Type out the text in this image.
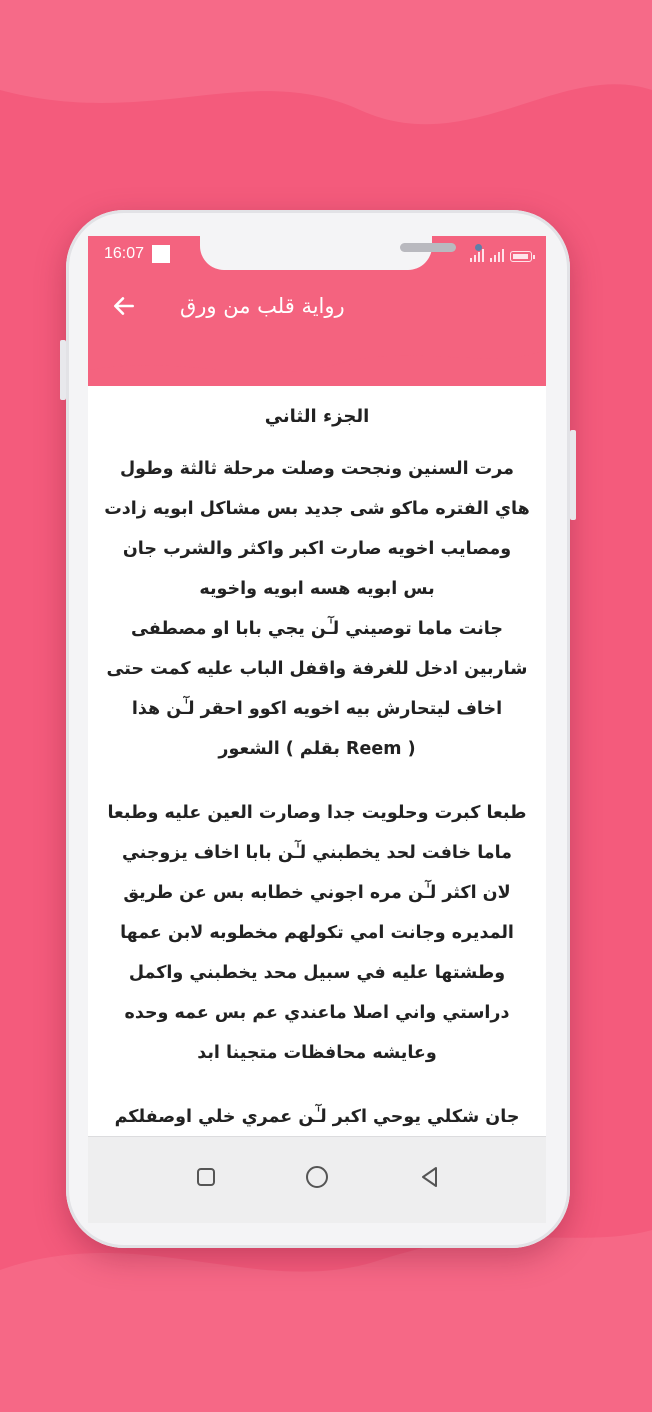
16:07
رواية قلب من ورق
الجزء الثاني

مرت السنين ونجحت وصلت مرحلة ثالثة وطول
هاي الفتره ماكو شى جديد بس مشاكل ابويه زادت
ومصايب اخويه صارت اكبر واكثر والشرب جان
بس ابويه هسه ابويه واخويه
جانت ماما توصيني ￼لـٰٓن يجي بابا او مصطفى
شاربين ادخل للغرفة واقفل الباب عليه كمت حتى
اخاف ليتحارش بيه اخويه اكوو احقر ￼لـٰٓن هذا
( Reem بقلم ) الشعور

طبعا كبرت وحلويت جدا وصارت العين عليه وطبعا
ماما خافت لحد يخطبني ￼لـٰٓن بابا اخاف يزوجني
لان اكثر ￼لـٰٓن مره اجوني خطابه بس عن طريق
المديره وجانت امي تكولهم مخطوبه لابن عمها
وطشتها عليه في سبيل محد يخطبني واكمل
دراستي واني اصلا ماعندي عم بس عمه وحده
وعايشه محافظات متجينا ابد

جان شكلي يوحي اكبر ￼لـٰٓن عمري خلي اوصفلكم
